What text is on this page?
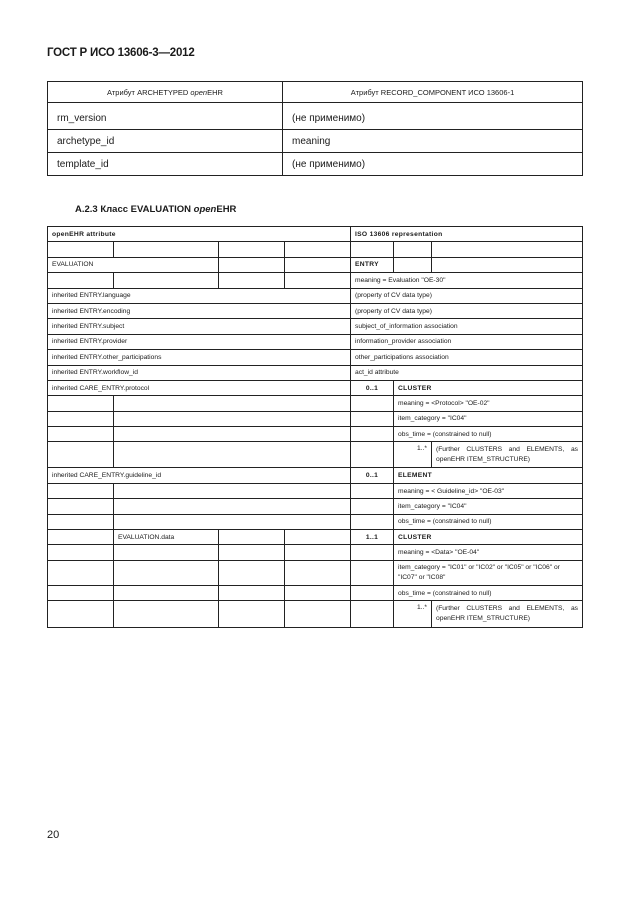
ГОСТ Р ИСО 13606-3—2012
Атрибут ARCHETYPED openEHR	Атрибут RECORD_COMPONENT ИСО 13606-1
rm_version	(не применимо)
archetype_id	meaning
template_id	(не применимо)
A.2.3 Класс EVALUATION openEHR
openEHR attribute				ISO 13606 representation		

EVALUATION				ENTRY		
				meaning = Evaluation "OE-30"		
inherited ENTRY.language				(property of CV data type)		
inherited ENTRY.encoding				(property of CV data type)		
inherited ENTRY.subject				subject_of_information association		
inherited ENTRY.provider				information_provider association		
inherited ENTRY.other_participations				other_participations association		
inherited ENTRY.workflow_id				act_id attribute		
inherited CARE_ENTRY.protocol				0..1	CLUSTER	
					meaning = <Protocol> "OE-02"	
					item_category = "IC04"	
					obs_time = (constrained to null)	
					1..*	(Further CLUSTERS and ELEMENTS, as openEHR ITEM_STRUCTURE)
inherited CARE_ENTRY.guideline_id				0..1	ELEMENT	
					meaning = < Guideline_id> "OE-03"	
					item_category = "IC04"	
					obs_time = (constrained to null)	
	EVALUATION.data			1..1	CLUSTER	
					meaning = <Data> "OE-04"	
					item_category = "IC01" or "IC02" or "IC05" or "IC06" or "IC07" or "IC08"	
					obs_time = (constrained to null)	
					1..*	(Further CLUSTERS and ELEMENTS, as openEHR ITEM_STRUCTURE)
20
